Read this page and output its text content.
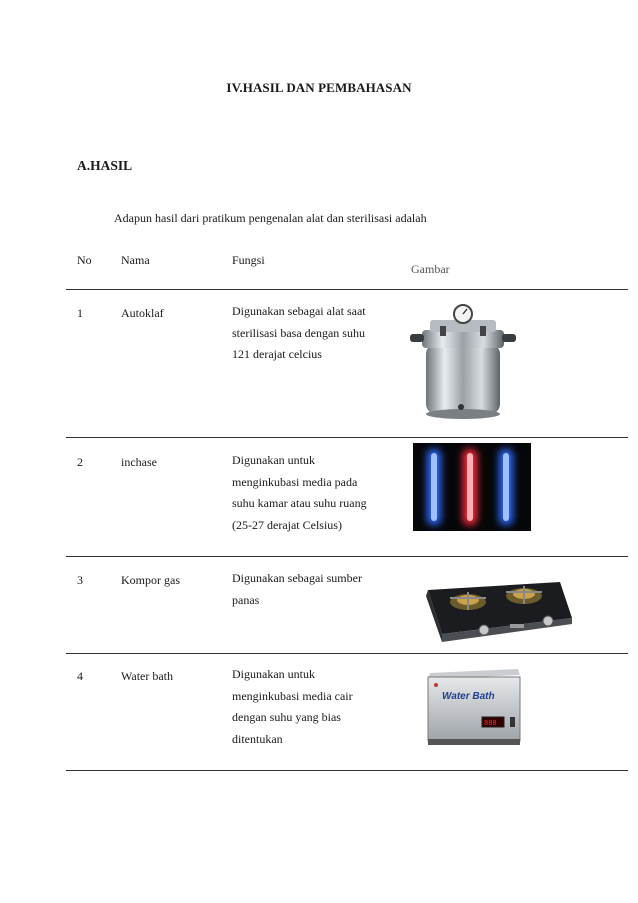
IV.HASIL DAN PEMBAHASAN
A.HASIL
Adapun hasil dari pratikum pengenalan alat dan sterilisasi adalah
No Nama	Fungsi
Gambar
1	Autoklaf	Digunakan sebagai alat saat
sterilisasi basa dengan suhu
121 derajat celcius
2	inchase	Digunakan untuk
menginkubasi media pada
suhu kamar atau suhu ruang
(25-27 derajat Celsius)
3	Kompor gas	Digunakan sebagai sumber
panas
4	Water bath	Digunakan untuk
menginkubasi media cair
dengan suhu yang bias
ditentukan
Water Bath
888
